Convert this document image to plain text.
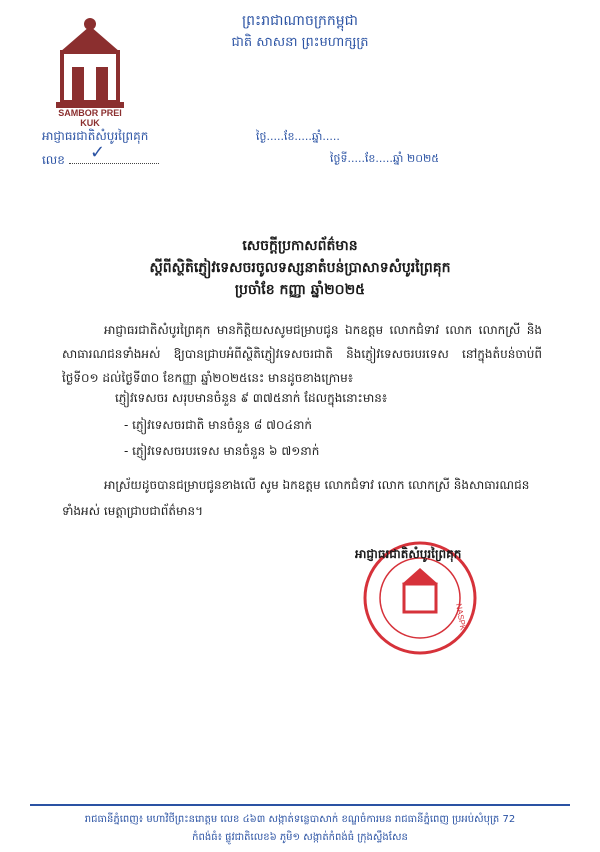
ព្រះរាជាណាចក្រកម្ពុជា
ជាតិ សាសនា ព្រះមហាក្សត្រ
SAMBOR PREI KUK
អាជ្ញាធរជាតិសំបូរព្រៃគុក
លេខ	✓
ថ្ងៃ.....ខែ.....ឆ្នាំ.....
ថ្ងៃទី.....ខែ.....ឆ្នាំ ២០២៥
សេចក្តីប្រកាសព័ត៌មាន
ស្តីពីស្ថិតិភ្ញៀវទេសចរចូលទស្សនាតំបន់ប្រាសាទសំបូរព្រៃគុក
ប្រចាំខែ កញ្ញា ឆ្នាំ២០២៥
អាជ្ញាធរជាតិសំបូរព្រៃគុក មានកិត្តិយសសូមជម្រាបជូន ឯកឧត្តម លោកជំទាវ លោក លោកស្រី និងសាធារណជនទាំងអស់ ឱ្យបានជ្រាបអំពីស្ថិតិភ្ញៀវទេសចរជាតិ និងភ្ញៀវទេសចរបរទេស នៅក្នុងតំបន់ចាប់ពីថ្ងៃទី០១ ដល់ថ្ងៃទី៣០ ខែកញ្ញា ឆ្នាំ២០២៥នេះ មានដូចខាងក្រោម៖
ភ្ញៀវទេសចរ សរុបមានចំនួន ៩ ៣៧៥នាក់ ដែលក្នុងនោះមាន៖
- ភ្ញៀវទេសចរជាតិ មានចំនួន ៨ ៧០៤នាក់
- ភ្ញៀវទេសចរបរទេស មានចំនួន ៦ ៧១នាក់
អាស្រ័យដូចបានជម្រាបជូនខាងលើ សូម ឯកឧត្តម លោកជំទាវ លោក លោកស្រី និងសាធារណជនទាំងអស់ មេត្តាជ្រាបជាព័ត៌មាន។
NASPK
អាជ្ញាធរជាតិសំបូរព្រៃគុក
រាជធានីភ្នំពេញ៖ មហាវិថីព្រះនរោត្តម លេខ ៤៦៣ សង្កាត់ទន្លេបាសាក់ ខណ្ឌចំការមន រាជធានីភ្នំពេញ ប្រអប់សំបុត្រ 72
កំពង់ធំ៖ ផ្លូវជាតិលេខ៦ ភូមិ១ សង្កាត់កំពង់ធំ ក្រុងស្ទឹងសែន
